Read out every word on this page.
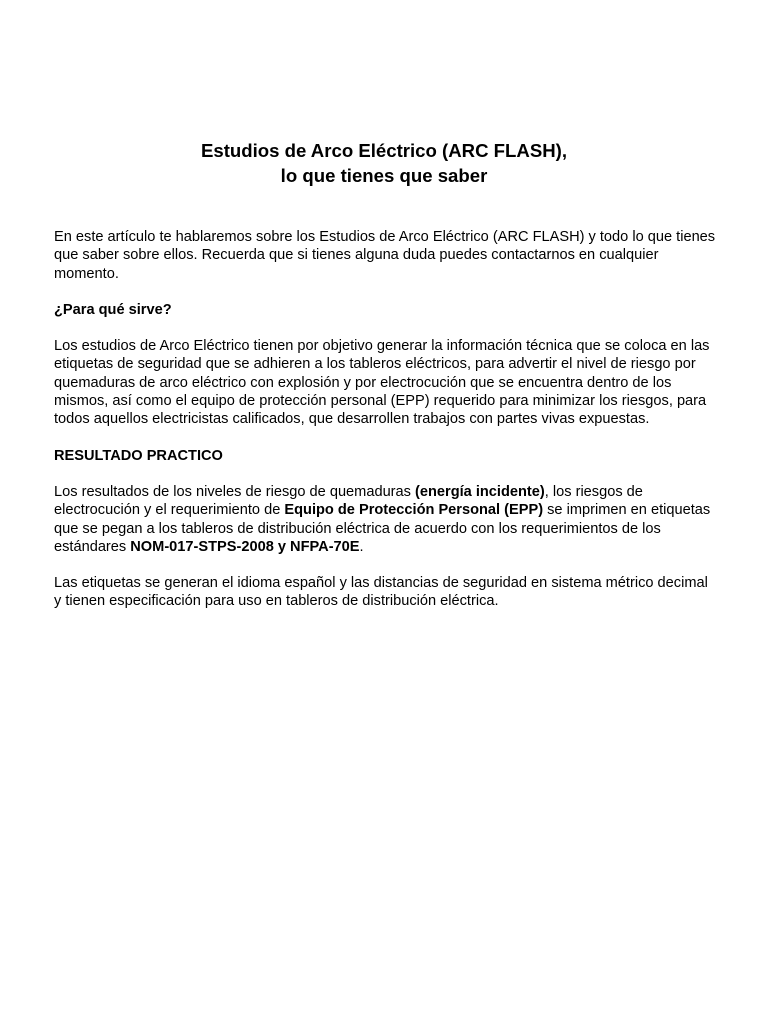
Estudios de Arco Eléctrico (ARC FLASH),
lo que tienes que saber

En este artículo te hablaremos sobre los Estudios de Arco Eléctrico (ARC FLASH) y todo lo que tienes que saber sobre ellos. Recuerda que si tienes alguna duda puedes contactarnos en cualquier momento.

¿Para qué sirve?

Los estudios de Arco Eléctrico tienen por objetivo generar la información técnica que se coloca en las etiquetas de seguridad que se adhieren a los tableros eléctricos, para advertir el nivel de riesgo por quemaduras de arco eléctrico con explosión y por electrocución que se encuentra dentro de los mismos, así como el equipo de protección personal (EPP) requerido para minimizar los riesgos, para todos aquellos electricistas calificados, que desarrollen trabajos con partes vivas expuestas.

RESULTADO PRACTICO

Los resultados de los niveles de riesgo de quemaduras (energía incidente), los riesgos de electrocución y el requerimiento de Equipo de Protección Personal (EPP) se imprimen en etiquetas que se pegan a los tableros de distribución eléctrica de acuerdo con los requerimientos de los estándares NOM-017-STPS-2008 y NFPA-70E.

Las etiquetas se generan el idioma español y las distancias de seguridad en sistema métrico decimal y tienen especificación para uso en tableros de distribución eléctrica.
